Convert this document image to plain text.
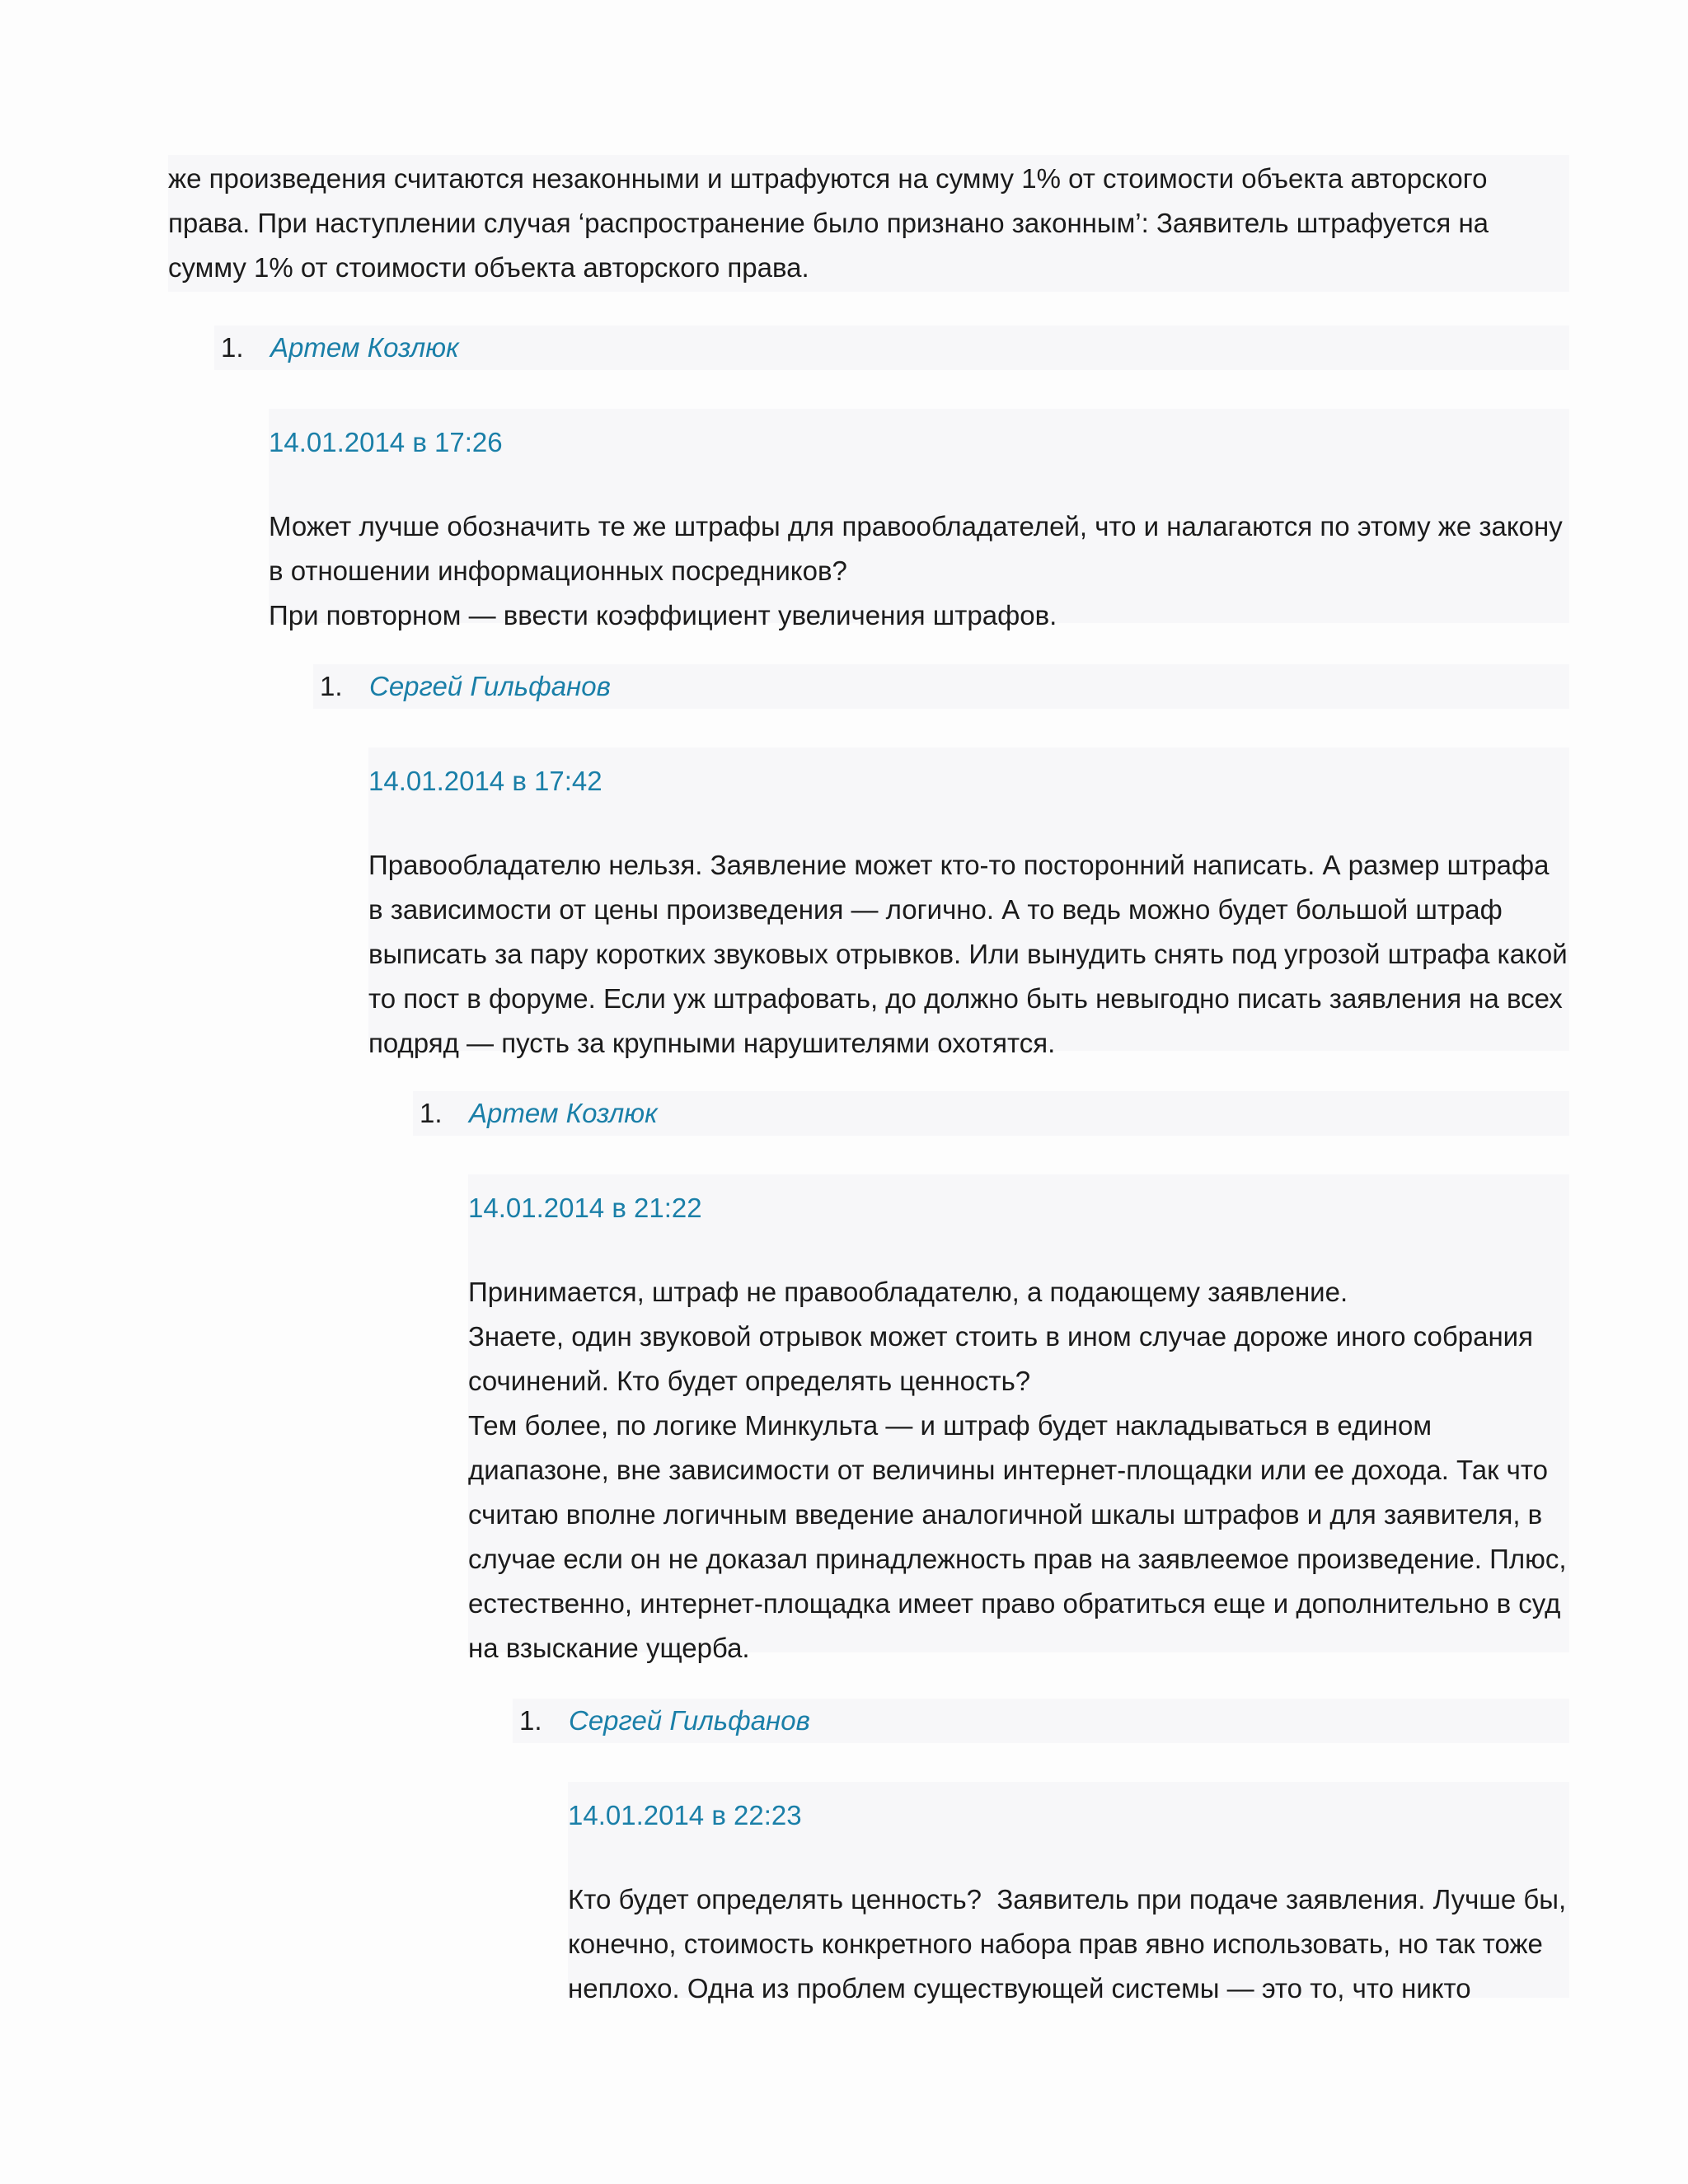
же произведения считаются незаконными и штрафуются на сумму 1% от стоимости объекта авторского права. При наступлении случая ‘распространение было признано законным’: Заявитель штрафуется на сумму 1% от стоимости объекта авторского права.
1. Артем Козлюк
14.01.2014 в 17:26
Может лучше обозначить те же штрафы для правообладателей, что и налагаются по этому же закону в отношении информационных посредников?
При повторном — ввести коэффициент увеличения штрафов.
1. Сергей Гильфанов
14.01.2014 в 17:42
Правообладателю нельзя. Заявление может кто-то посторонний написать. А размер штрафа в зависимости от цены произведения — логично. А то ведь можно будет большой штраф выписать за пару коротких звуковых отрывков. Или вынудить снять под угрозой штрафа какой то пост в форуме. Если уж штрафовать, до должно быть невыгодно писать заявления на всех подряд — пусть за крупными нарушителями охотятся.
1. Артем Козлюк
14.01.2014 в 21:22
Принимается, штраф не правообладателю, а подающему заявление.
Знаете, один звуковой отрывок может стоить в ином случае дороже иного собрания сочинений. Кто будет определять ценность?
Тем более, по логике Минкульта — и штраф будет накладываться в едином диапазоне, вне зависимости от величины интернет-площадки или ее дохода. Так что считаю вполне логичным введение аналогичной шкалы штрафов и для заявителя, в случае если он не доказал принадлежность прав на заявлеемое произведение. Плюс, естественно, интернет-площадка имеет право обратиться еще и дополнительно в суд на взыскание ущерба.
1. Сергей Гильфанов
14.01.2014 в 22:23
Кто будет определять ценность?  Заявитель при подаче заявления. Лучше бы, конечно, стоимость конкретного набора прав явно использовать, но так тоже неплохо. Одна из проблем существующей системы — это то, что никто
